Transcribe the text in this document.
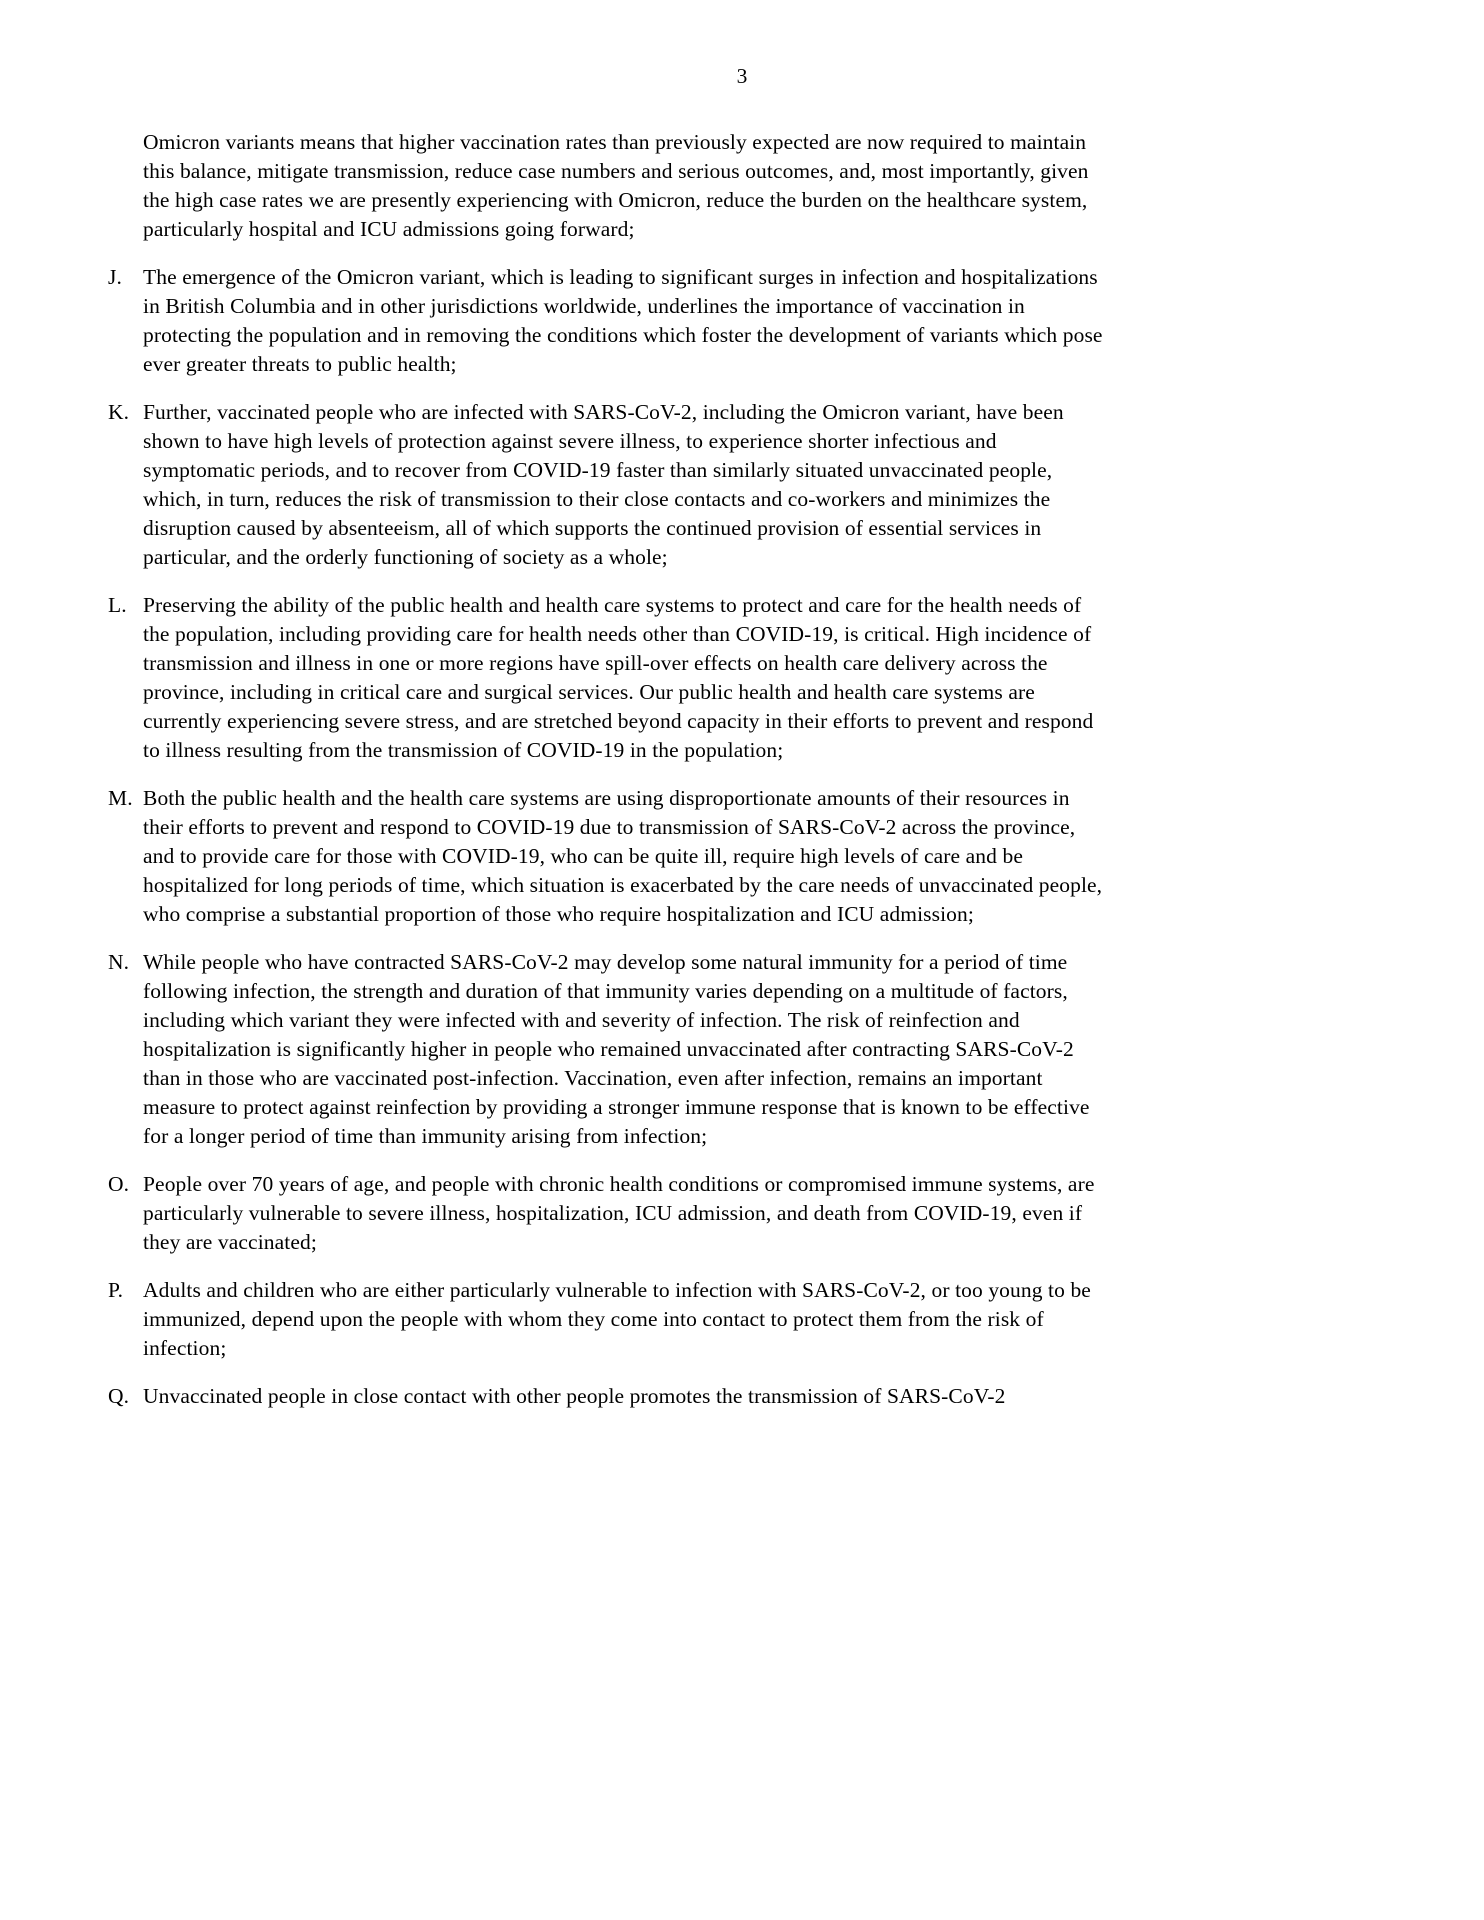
3
Omicron variants means that higher vaccination rates than previously expected are now required to maintain this balance, mitigate transmission, reduce case numbers and serious outcomes, and, most importantly, given the high case rates we are presently experiencing with Omicron, reduce the burden on the healthcare system, particularly hospital and ICU admissions going forward;
J. The emergence of the Omicron variant, which is leading to significant surges in infection and hospitalizations in British Columbia and in other jurisdictions worldwide, underlines the importance of vaccination in protecting the population and in removing the conditions which foster the development of variants which pose ever greater threats to public health;
K. Further, vaccinated people who are infected with SARS-CoV-2, including the Omicron variant, have been shown to have high levels of protection against severe illness, to experience shorter infectious and symptomatic periods, and to recover from COVID-19 faster than similarly situated unvaccinated people, which, in turn, reduces the risk of transmission to their close contacts and co-workers and minimizes the disruption caused by absenteeism, all of which supports the continued provision of essential services in particular, and the orderly functioning of society as a whole;
L. Preserving the ability of the public health and health care systems to protect and care for the health needs of the population, including providing care for health needs other than COVID-19, is critical. High incidence of transmission and illness in one or more regions have spill-over effects on health care delivery across the province, including in critical care and surgical services. Our public health and health care systems are currently experiencing severe stress, and are stretched beyond capacity in their efforts to prevent and respond to illness resulting from the transmission of COVID-19 in the population;
M. Both the public health and the health care systems are using disproportionate amounts of their resources in their efforts to prevent and respond to COVID-19 due to transmission of SARS-CoV-2 across the province, and to provide care for those with COVID-19, who can be quite ill, require high levels of care and be hospitalized for long periods of time, which situation is exacerbated by the care needs of unvaccinated people, who comprise a substantial proportion of those who require hospitalization and ICU admission;
N. While people who have contracted SARS-CoV-2 may develop some natural immunity for a period of time following infection, the strength and duration of that immunity varies depending on a multitude of factors, including which variant they were infected with and severity of infection. The risk of reinfection and hospitalization is significantly higher in people who remained unvaccinated after contracting SARS-CoV-2 than in those who are vaccinated post-infection. Vaccination, even after infection, remains an important measure to protect against reinfection by providing a stronger immune response that is known to be effective for a longer period of time than immunity arising from infection;
O. People over 70 years of age, and people with chronic health conditions or compromised immune systems, are particularly vulnerable to severe illness, hospitalization, ICU admission, and death from COVID-19, even if they are vaccinated;
P. Adults and children who are either particularly vulnerable to infection with SARS-CoV-2, or too young to be immunized, depend upon the people with whom they come into contact to protect them from the risk of infection;
Q. Unvaccinated people in close contact with other people promotes the transmission of SARS-CoV-2
